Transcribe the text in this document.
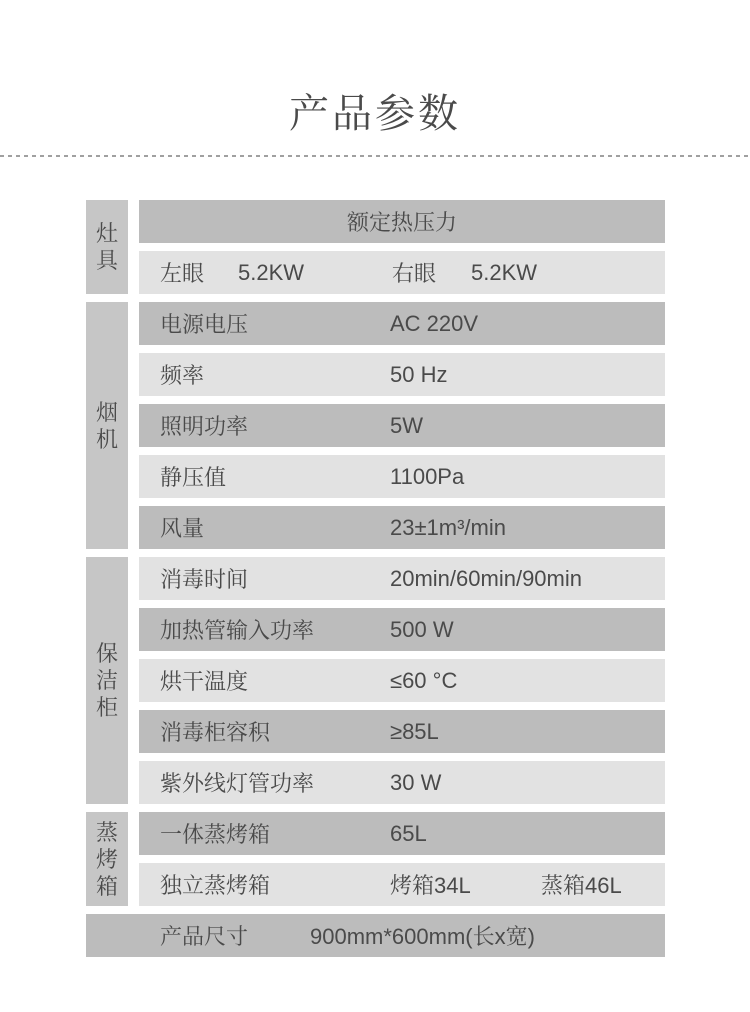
产品参数
灶具
额定热压力
左眼	5.2KW	右眼	5.2KW
烟机
电源电压	AC 220V
频率	50 Hz
照明功率	5W
静压值	1100Pa
风量	23±1m³/min
保洁柜
消毒时间	20min/60min/90min
加热管输入功率	500 W
烘干温度	≤60 °C
消毒柜容积	≥85L
紫外线灯管功率	30 W
蒸烤箱
一体蒸烤箱	65L
独立蒸烤箱	烤箱34L	蒸箱46L
产品尺寸	900mm*600mm(长x宽)
